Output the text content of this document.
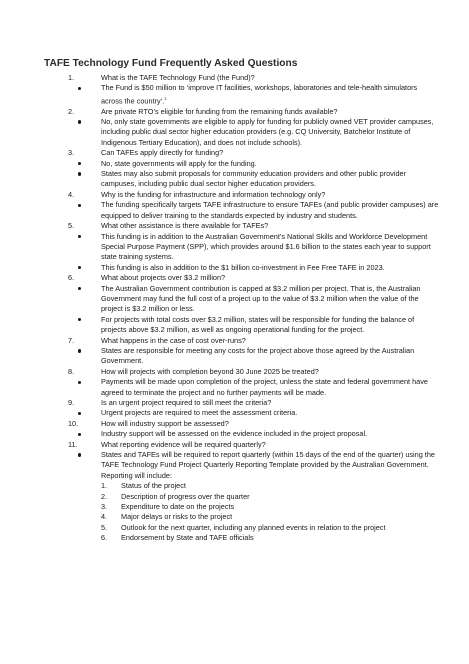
TAFE Technology Fund Frequently Asked Questions
1.	What is the TAFE Technology Fund (the Fund)?
The Fund is $50 million to ‘improve IT facilities, workshops, laboratories and tele-health simulators across the country’.$^1$
2.	Are private RTO’s eligible for funding from the remaining funds available?
No, only state governments are eligible to apply for funding for publicly owned VET provider campuses, including public dual sector higher education providers (e.g. CQ University, Batchelor Institute of Indigenous Tertiary Education), and does not include schools).
3.	Can TAFEs apply directly for funding?
No, state governments will apply for the funding.
States may also submit proposals for community education providers and other public provider campuses, including public dual sector higher education providers.
4.	Why is the funding for infrastructure and information technology only?
The funding specifically targets TAFE infrastructure to ensure TAFEs (and public provider campuses) are equipped to deliver training to the standards expected by industry and students.
5.	What other assistance is there available for TAFEs?
This funding is in addition to the Australian Government’s National Skills and Workforce Development Special Purpose Payment (SPP), which provides around $1.6 billion to the states each year to support state training systems.
This funding is also in addition to the $1 billion co-investment in Fee Free TAFE in 2023.
6.	What about projects over $3.2 million?
The Australian Government contribution is capped at $3.2 million per project. That is, the Australian Government may fund the full cost of a project up to the value of $3.2 million when the value of the project is $3.2 million or less.
For projects with total costs over $3.2 million, states will be responsible for funding the balance of projects above $3.2 million, as well as ongoing operational funding for the project.
7.	What happens in the case of cost over-runs?
States are responsible for meeting any costs for the project above those agreed by the Australian Government.
8.	How will projects with completion beyond 30 June 2025 be treated?
Payments will be made upon completion of the project, unless the state and federal government have agreed to terminate the project and no further payments will be made.
9.	Is an urgent project required to still meet the criteria?
Urgent projects are required to meet the assessment criteria.
10.	How will industry support be assessed?
Industry support will be assessed on the evidence included in the project proposal.
11.	What reporting evidence will be required quarterly?
States and TAFEs will be required to report quarterly (within 15 days of the end of the quarter) using the TAFE Technology Fund Project Quarterly Reporting Template provided by the Australian Government. Reporting will include:
1.	Status of the project
2.	Description of progress over the quarter
3.	Expenditure to date on the projects
4.	Major delays or risks to the project
5.	Outlook for the next quarter, including any planned events in relation to the project
6.	Endorsement by State and TAFE officials
